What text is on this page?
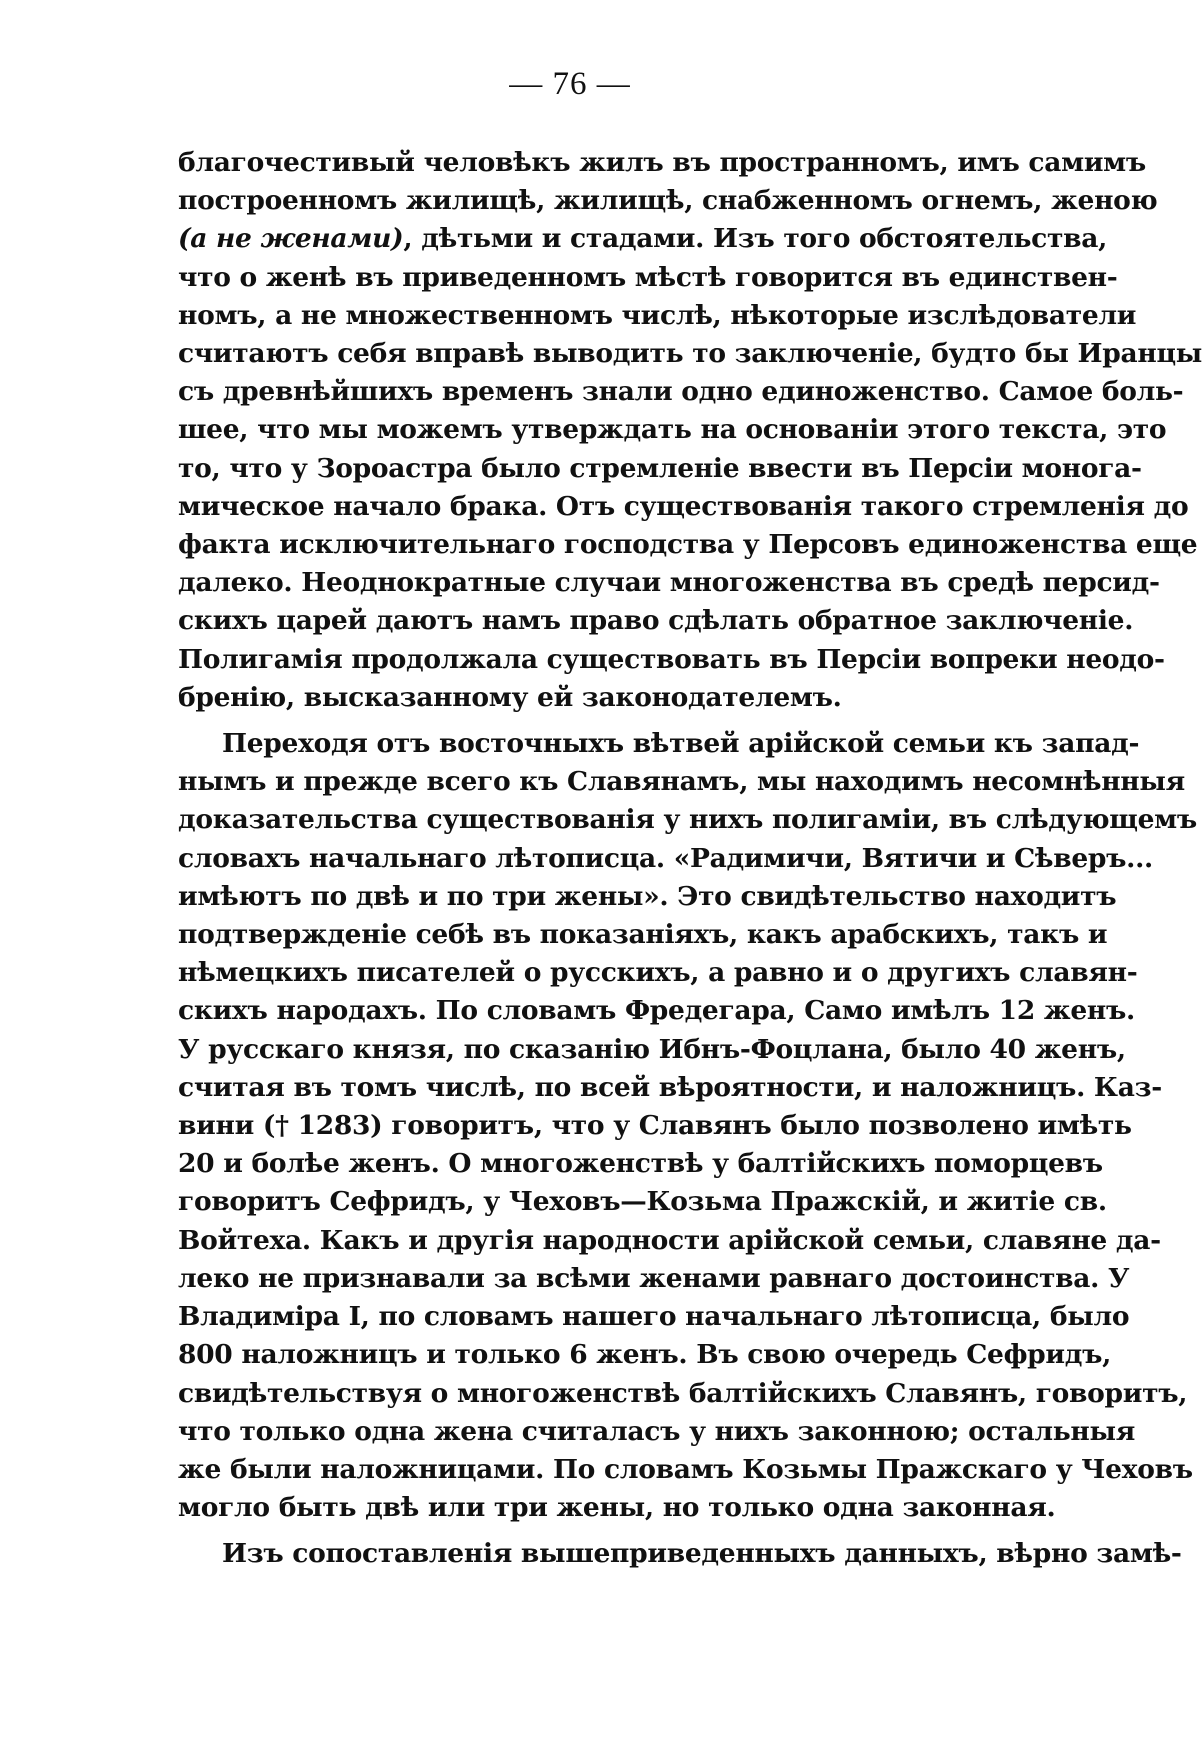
— 76 —
благочестивый человѣкъ жилъ въ пространномъ, имъ самимъ
построенномъ жилищѣ, жилищѣ, снабженномъ огнемъ, женою
(а не женами), дѣтьми и стадами. Изъ того обстоятельства,
что о женѣ въ приведенномъ мѣстѣ говорится въ единствен-
номъ, а не множественномъ числѣ, нѣкоторые изслѣдователи
считаютъ себя вправѣ выводить то заключеніе, будто бы Иранцы
съ древнѣйшихъ временъ знали одно единоженство. Самое боль-
шее, что мы можемъ утверждать на основаніи этого текста, это
то, что у Зороастра было стремленіе ввести въ Персіи монога-
мическое начало брака. Отъ существованія такого стремленія до
факта исключительнаго господства у Персовъ единоженства еще
далеко. Неоднократные случаи многоженства въ средѣ персид-
скихъ царей даютъ намъ право сдѣлать обратное заключеніе.
Полигамія продолжала существовать въ Персіи вопреки неодо-
бренію, высказанному ей законодателемъ.
Переходя отъ восточныхъ вѣтвей арійской семьи къ запад-
нымъ и прежде всего къ Славянамъ, мы находимъ несомнѣнныя
доказательства существованія у нихъ полигаміи, въ слѣдующемъ
словахъ начальнаго лѣтописца. «Радимичи, Вятичи и Сѣверъ...
имѣютъ по двѣ и по три жены». Это свидѣтельство находитъ
подтвержденіе себѣ въ показаніяхъ, какъ арабскихъ, такъ и
нѣмецкихъ писателей о русскихъ, а равно и о другихъ славян-
скихъ народахъ. По словамъ Фредегара, Само имѣлъ 12 женъ.
У русскаго князя, по сказанію Ибнъ-Фоцлана, было 40 женъ,
считая въ томъ числѣ, по всей вѣроятности, и наложницъ. Каз-
вини († 1283) говоритъ, что у Славянъ было позволено имѣть
20 и болѣе женъ. О многоженствѣ у балтійскихъ поморцевъ
говоритъ Сефридъ, у Чеховъ—Козьма Пражскій, и житіе св.
Войтеха. Какъ и другія народности арійской семьи, славяне да-
леко не признавали за всѣми женами равнаго достоинства. У
Владиміра I, по словамъ нашего начальнаго лѣтописца, было
800 наложницъ и только 6 женъ. Въ свою очередь Сефридъ,
свидѣтельствуя о многоженствѣ балтійскихъ Славянъ, говоритъ,
что только одна жена считаласъ у нихъ законною; остальныя
же были наложницами. По словамъ Козьмы Пражскаго у Чеховъ
могло быть двѣ или три жены, но только одна законная.
Изъ сопоставленія вышеприведенныхъ данныхъ, вѣрно замѣ-
